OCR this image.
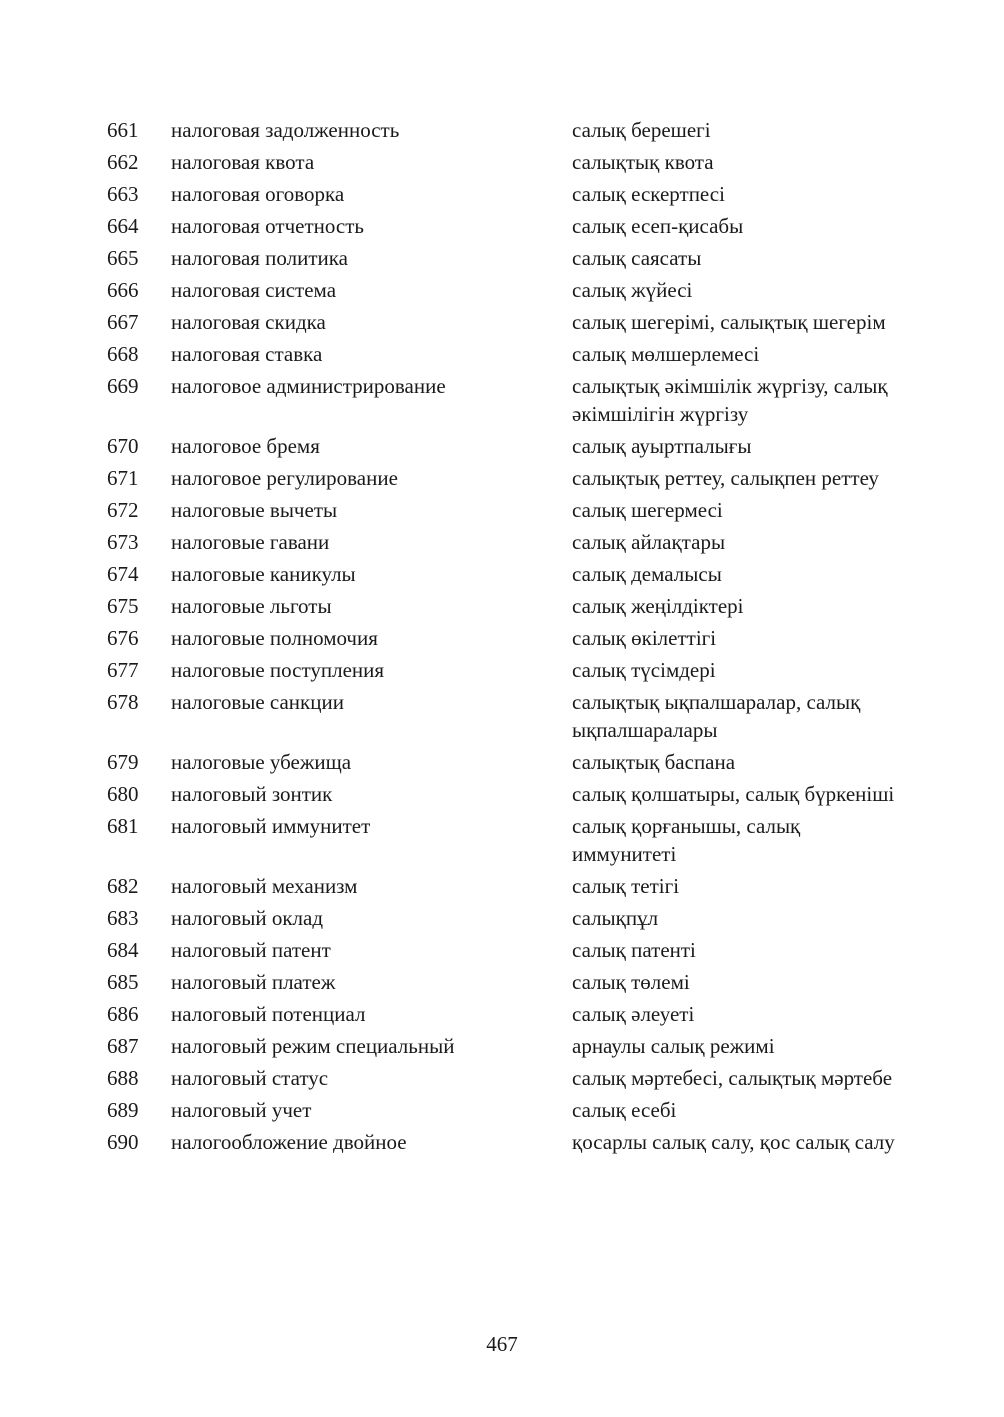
661	налоговая задолженность	салық берешегі
662	налоговая квота	салықтық квота
663	налоговая оговорка	салық ескертпесі
664	налоговая отчетность	салық есеп-қисабы
665	налоговая политика	салық саясаты
666	налоговая система	салық жүйесі
667	налоговая скидка	салық шегерімі, салықтық шегерім
668	налоговая ставка	салық мөлшерлемесі
669	налоговое администрирование	салықтық әкімшілік жүргізу, салық әкімшілігін жүргізу
670	налоговое бремя	салық ауыртпалығы
671	налоговое регулирование	салықтық реттеу, салықпен реттеу
672	налоговые вычеты	салық шегермесі
673	налоговые гавани	салық айлақтары
674	налоговые каникулы	салық демалысы
675	налоговые льготы	салық жеңілдіктері
676	налоговые полномочия	салық өкілеттігі
677	налоговые поступления	салық түсімдері
678	налоговые санкции	салықтық ықпалшаралар, салық ықпалшаралары
679	налоговые убежища	салықтық баспана
680	налоговый зонтик	салық қолшатыры, салық бүркеніші
681	налоговый иммунитет	салық қорғанышы, салық иммунитеті
682	налоговый механизм	салық тетігі
683	налоговый оклад	салықпұл
684	налоговый патент	салық патенті
685	налоговый платеж	салық төлемі
686	налоговый потенциал	салық әлеуеті
687	налоговый режим специальный	арнаулы салық режимі
688	налоговый статус	салық мәртебесі, салықтық мәртебе
689	налоговый учет	салық есебі
690	налогообложение двойное	қосарлы салық салу, қос салық салу
467
